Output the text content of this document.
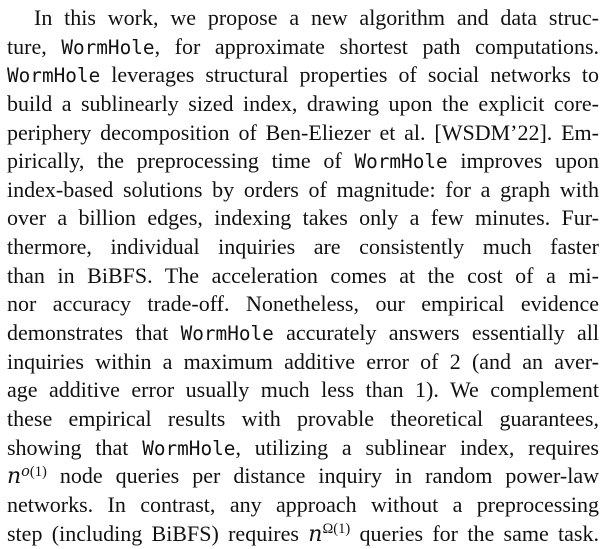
In this work, we propose a new algorithm and data struc-
ture, WormHole, for approximate shortest path computations.
WormHole leverages structural properties of social networks to
build a sublinearly sized index, drawing upon the explicit core-
periphery decomposition of Ben-Eliezer et al. [WSDM’22]. Em-
pirically, the preprocessing time of WormHole improves upon
index-based solutions by orders of magnitude: for a graph with
over a billion edges, indexing takes only a few minutes. Fur-
thermore, individual inquiries are consistently much faster
than in BiBFS. The acceleration comes at the cost of a mi-
nor accuracy trade-off. Nonetheless, our empirical evidence
demonstrates that WormHole accurately answers essentially all
inquiries within a maximum additive error of 2 (and an aver-
age additive error usually much less than 1). We complement
these empirical results with provable theoretical guarantees,
showing that WormHole, utilizing a sublinear index, requires
$n^{o(1)}$ node queries per distance inquiry in random power-law
networks. In contrast, any approach without a preprocessing
step (including BiBFS) requires $n^{\Omega(1)}$ queries for the same task.
